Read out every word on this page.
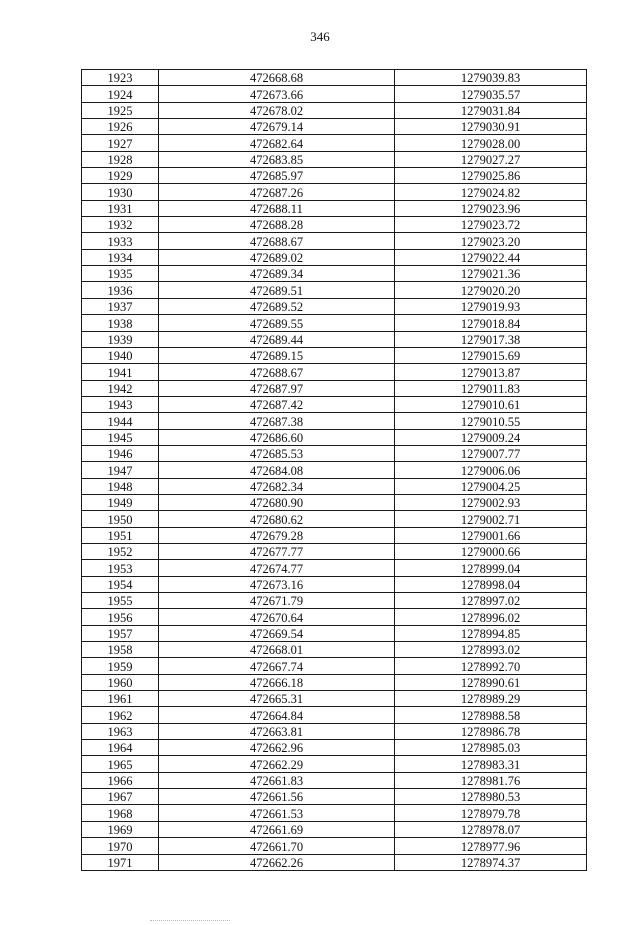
346
1923	472668.68	1279039.83
1924	472673.66	1279035.57
1925	472678.02	1279031.84
1926	472679.14	1279030.91
1927	472682.64	1279028.00
1928	472683.85	1279027.27
1929	472685.97	1279025.86
1930	472687.26	1279024.82
1931	472688.11	1279023.96
1932	472688.28	1279023.72
1933	472688.67	1279023.20
1934	472689.02	1279022.44
1935	472689.34	1279021.36
1936	472689.51	1279020.20
1937	472689.52	1279019.93
1938	472689.55	1279018.84
1939	472689.44	1279017.38
1940	472689.15	1279015.69
1941	472688.67	1279013.87
1942	472687.97	1279011.83
1943	472687.42	1279010.61
1944	472687.38	1279010.55
1945	472686.60	1279009.24
1946	472685.53	1279007.77
1947	472684.08	1279006.06
1948	472682.34	1279004.25
1949	472680.90	1279002.93
1950	472680.62	1279002.71
1951	472679.28	1279001.66
1952	472677.77	1279000.66
1953	472674.77	1278999.04
1954	472673.16	1278998.04
1955	472671.79	1278997.02
1956	472670.64	1278996.02
1957	472669.54	1278994.85
1958	472668.01	1278993.02
1959	472667.74	1278992.70
1960	472666.18	1278990.61
1961	472665.31	1278989.29
1962	472664.84	1278988.58
1963	472663.81	1278986.78
1964	472662.96	1278985.03
1965	472662.29	1278983.31
1966	472661.83	1278981.76
1967	472661.56	1278980.53
1968	472661.53	1278979.78
1969	472661.69	1278978.07
1970	472661.70	1278977.96
1971	472662.26	1278974.37
